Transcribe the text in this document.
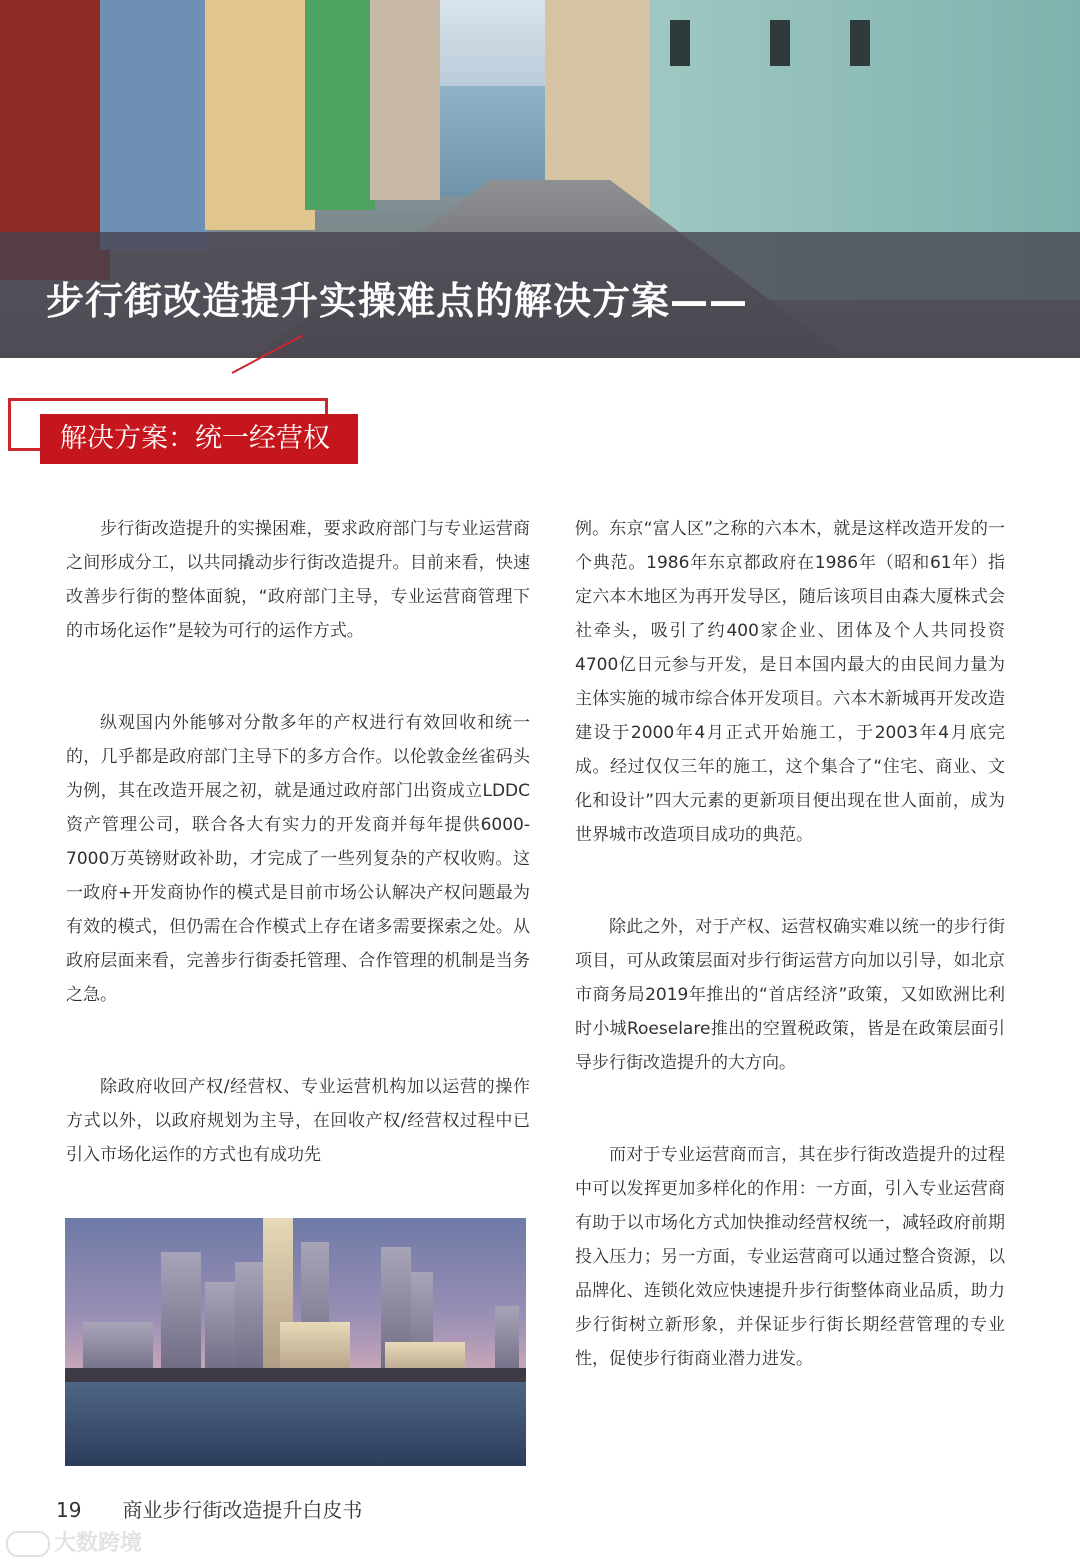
步行街改造提升实操难点的解决方案——
解决方案：统一经营权

步行街改造提升的实操困难，要求政府部门与专业运营商之间形成分工，以共同撬动步行街改造提升。目前来看，快速改善步行街的整体面貌，“政府部门主导，专业运营商管理下的市场化运作”是较为可行的运作方式。

纵观国内外能够对分散多年的产权进行有效回收和统一的，几乎都是政府部门主导下的多方合作。以伦敦金丝雀码头为例，其在改造开展之初，就是通过政府部门出资成立LDDC资产管理公司，联合各大有实力的开发商并每年提供6000-7000万英镑财政补助，才完成了一些列复杂的产权收购。这一政府+开发商协作的模式是目前市场公认解决产权问题最为有效的模式，但仍需在合作模式上存在诸多需要探索之处。从政府层面来看，完善步行街委托管理、合作管理的机制是当务之急。

除政府收回产权/经营权、专业运营机构加以运营的操作方式以外，以政府规划为主导，在回收产权/经营权过程中已引入市场化运作的方式也有成功先

例。东京“富人区”之称的六本木，就是这样改造开发的一个典范。1986年东京都政府在1986年（昭和61年）指定六本木地区为再开发导区，随后该项目由森大厦株式会社牵头，吸引了约400家企业、团体及个人共同投资4700亿日元参与开发，是日本国内最大的由民间力量为主体实施的城市综合体开发项目。六本木新城再开发改造建设于2000年4月正式开始施工，于2003年4月底完成。经过仅仅三年的施工，这个集合了“住宅、商业、文化和设计”四大元素的更新项目便出现在世人面前，成为世界城市改造项目成功的典范。

除此之外，对于产权、运营权确实难以统一的步行街项目，可从政策层面对步行街运营方向加以引导，如北京市商务局2019年推出的“首店经济”政策，又如欧洲比利时小城Roeselare推出的空置税政策，皆是在政策层面引导步行街改造提升的大方向。

而对于专业运营商而言，其在步行街改造提升的过程中可以发挥更加多样化的作用：一方面，引入专业运营商有助于以市场化方式加快推动经营权统一，减轻政府前期投入压力；另一方面，专业运营商可以通过整合资源，以品牌化、连锁化效应快速提升步行街整体商业品质，助力步行街树立新形象，并保证步行街长期经营管理的专业性，促使步行街商业潜力进发。

19 商业步行街改造提升白皮书
大数跨境
